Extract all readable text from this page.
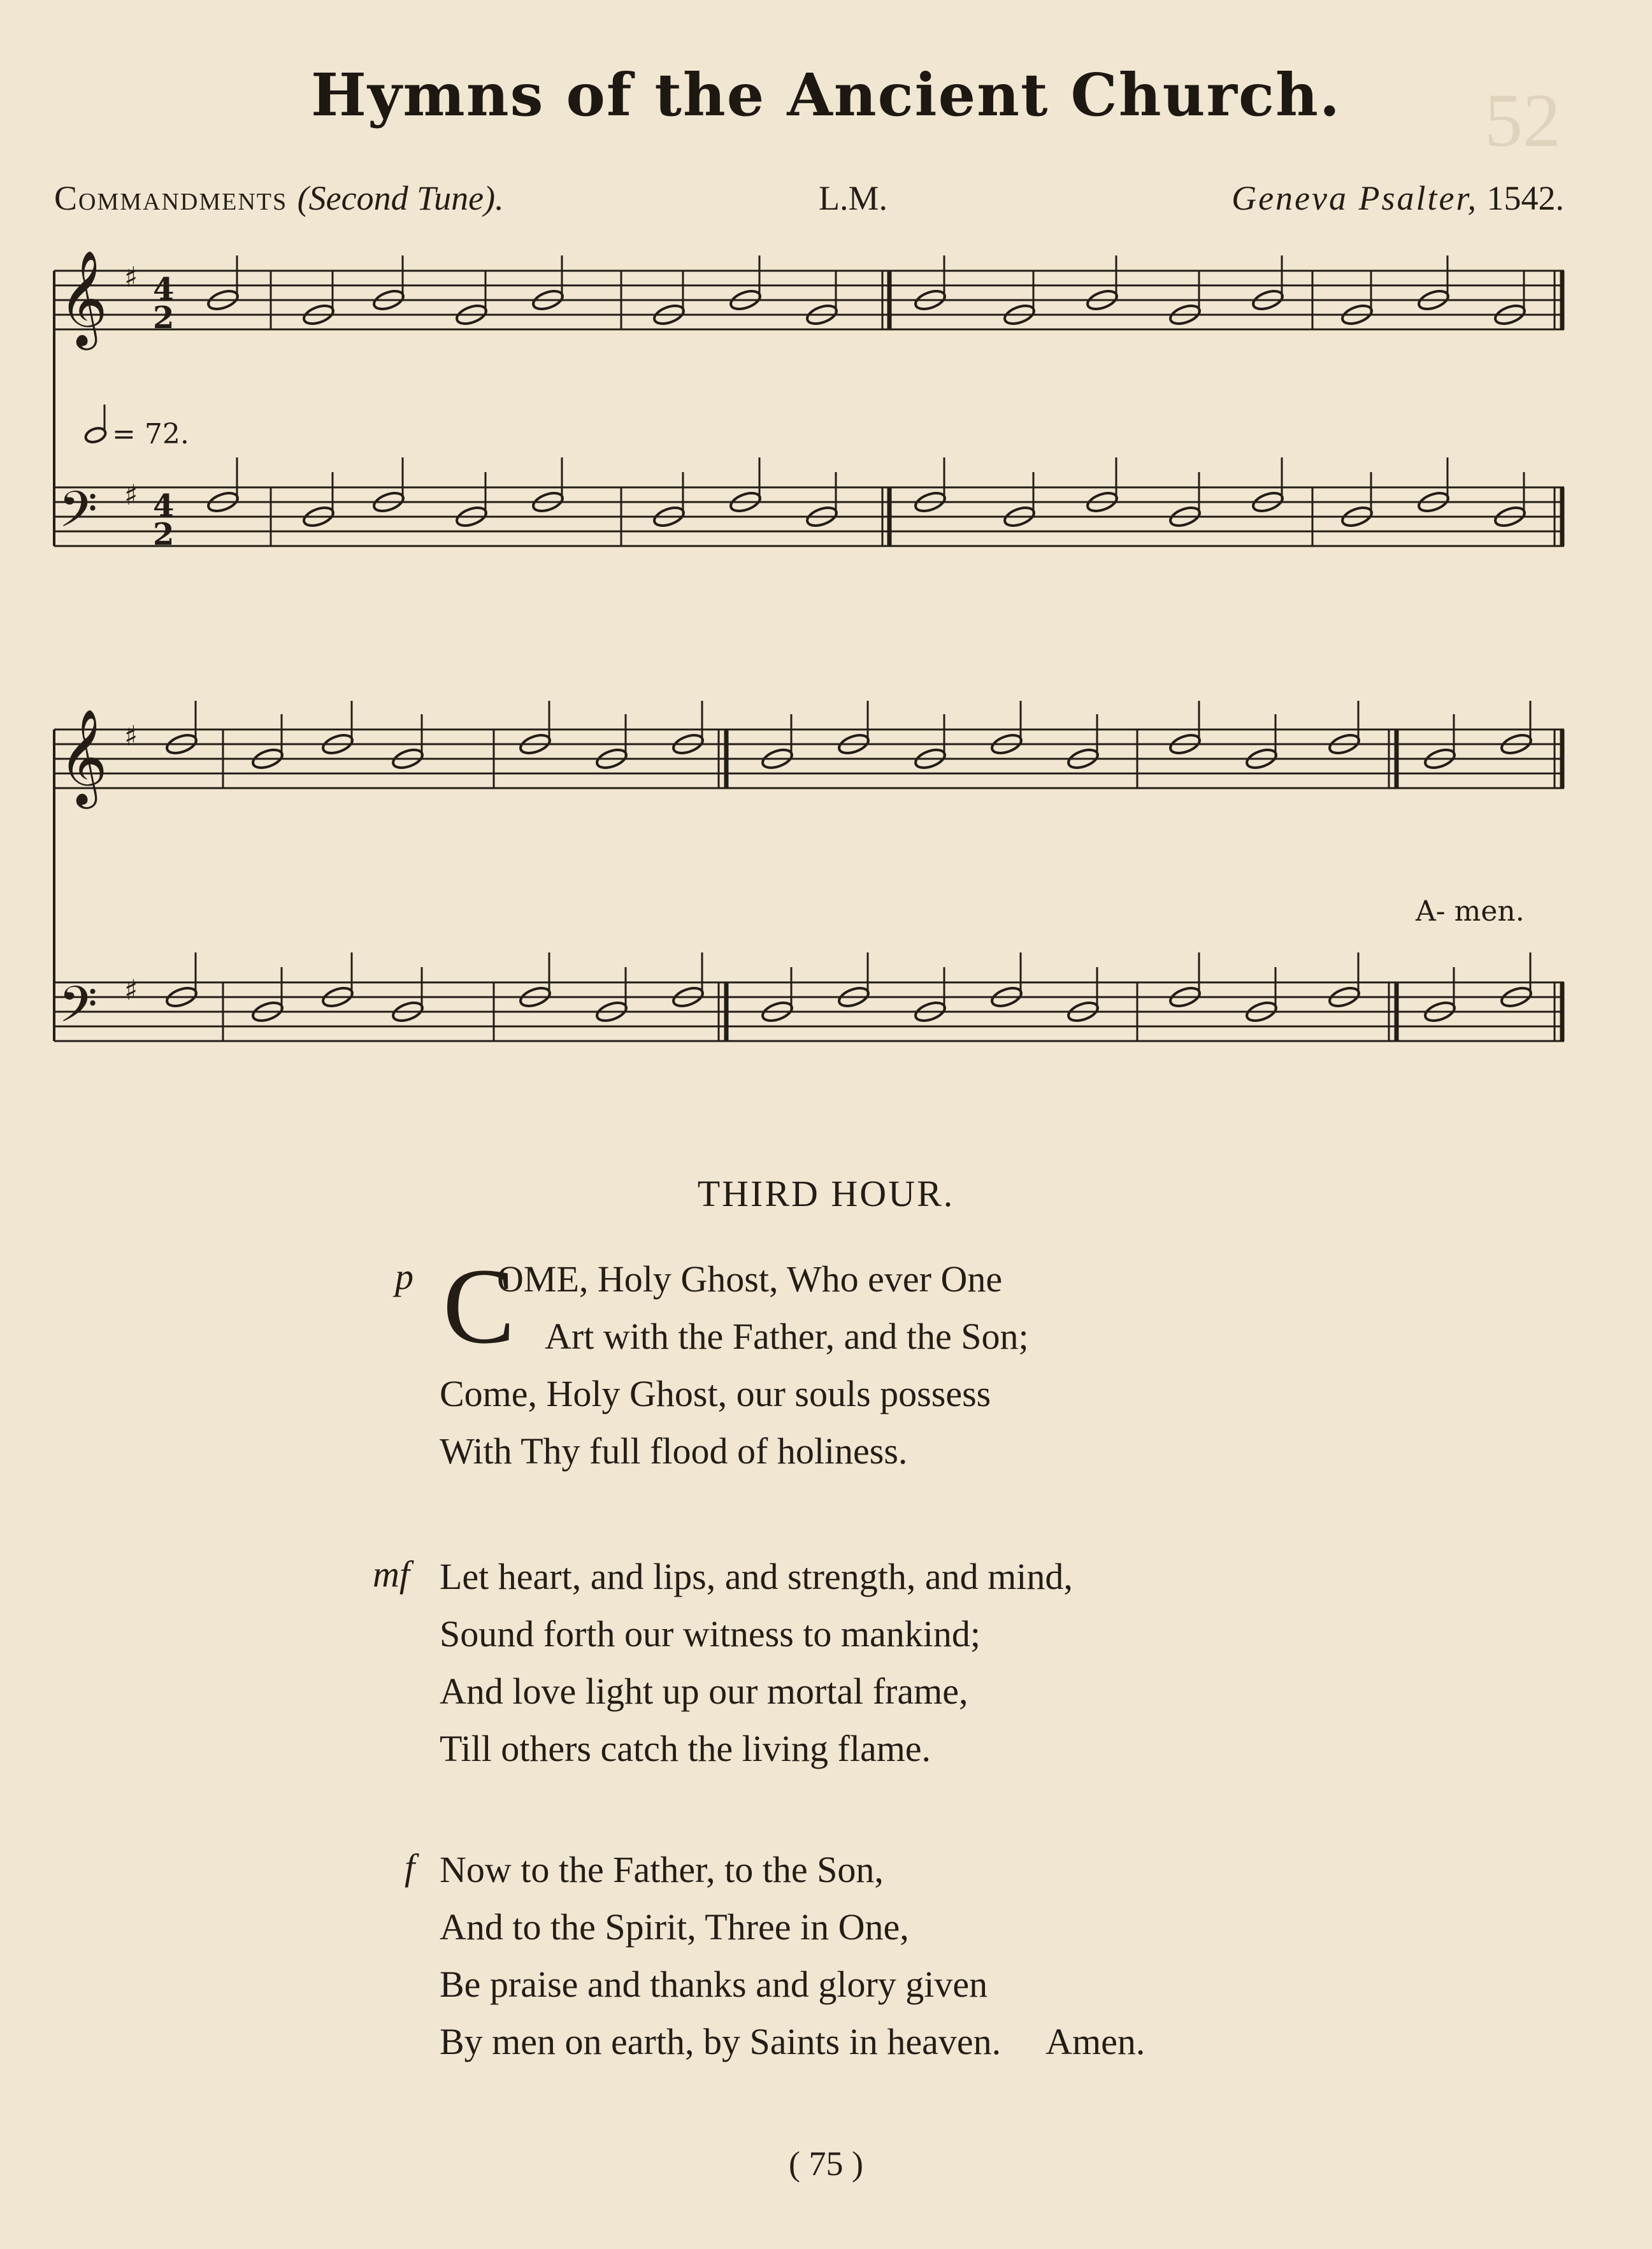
52
Hymns of the Ancient Church.
Commandments (Second Tune).	L.M.	Geneva Psalter, 1542.
𝄞
𝄢
♯
♯
4
2
4
2
= 72.
𝄞
𝄢
♯
♯
A- men.
THIRD HOUR.
p C
OME, Holy Ghost, Who ever One
Art with the Father, and the Son;
Come, Holy Ghost, our souls possess
With Thy full flood of holiness.
mf Let heart, and lips, and strength, and mind,
Sound forth our witness to mankind;
And love light up our mortal frame,
Till others catch the living flame.
f Now to the Father, to the Son,
And to the Spirit, Three in One,
Be praise and thanks and glory given
By men on earth, by Saints in heaven. Amen.
( 75 )
